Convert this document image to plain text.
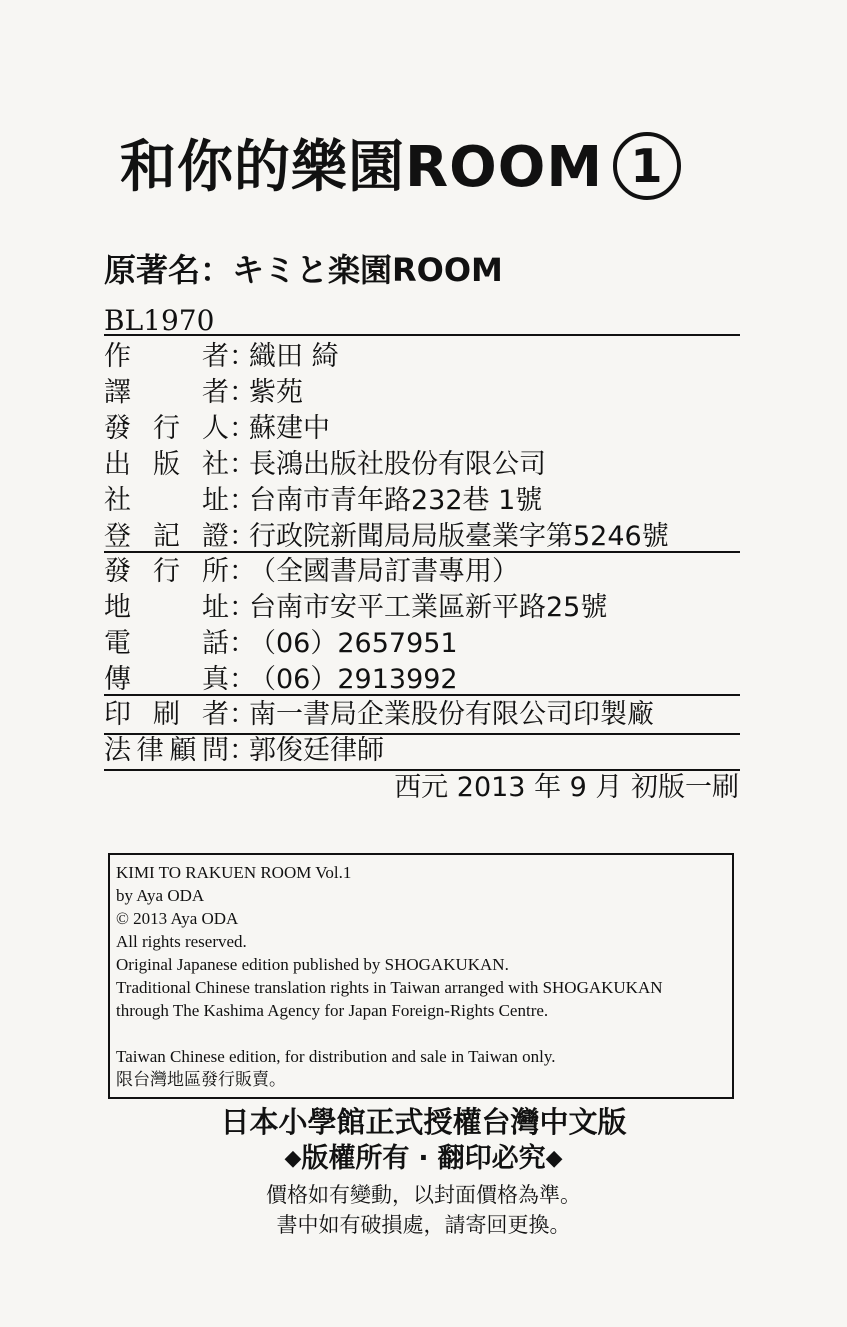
和你的樂園ROOM 1
原著名：キミと楽園ROOM
BL1970
作者：織田 綺
譯者：紫苑
發行人：蘇建中
出版社：長鴻出版社股份有限公司
社址：台南市青年路232巷 1號
登記證：行政院新聞局局版臺業字第5246號
發行所：（全國書局訂書專用）
地址：台南市安平工業區新平路25號
電話：（06）2657951
傳真：（06）2913992
印刷者：南一書局企業股份有限公司印製廠
法律顧問：郭俊廷律師
西元 2013 年 9 月 初版一刷

KIMI TO RAKUEN ROOM Vol.1

by Aya ODA

© 2013 Aya ODA

All rights reserved.

Original Japanese edition published by SHOGAKUKAN.

Traditional Chinese translation rights in Taiwan arranged with SHOGAKUKAN

through The Kashima Agency for Japan Foreign-Rights Centre.

Taiwan Chinese edition, for distribution and sale in Taiwan only.

限台灣地區發行販賣。

日本小學館正式授權台灣中文版
◆版權所有 ‧ 翻印必究◆
價格如有變動，以封面價格為準。
書中如有破損處，請寄回更換。
